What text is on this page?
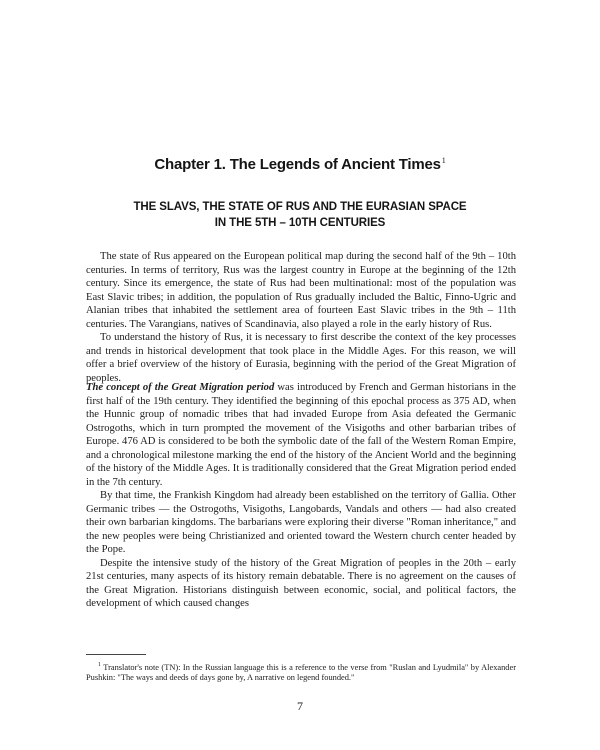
Chapter 1. The Legends of Ancient Times$^1$
THE SLAVS, THE STATE OF RUS AND THE EURASIAN SPACE
IN THE 5TH – 10TH CENTURIES

The state of Rus appeared on the European political map during the second half of the 9th – 10th centuries. In terms of territory, Rus was the largest country in Europe at the beginning of the 12th century. Since its emergence, the state of Rus had been multinational: most of the population was East Slavic tribes; in addition, the population of Rus gradually included the Baltic, Finno-Ugric and Alanian tribes that inhabited the settlement area of fourteen East Slavic tribes in the 9th – 11th centuries. The Varangians, natives of Scandinavia, also played a role in the early history of Rus.

To understand the history of Rus, it is necessary to first describe the context of the key processes and trends in historical development that took place in the Middle Ages. For this reason, we will offer a brief overview of the history of Eurasia, beginning with the period of the Great Migration of peoples.

The concept of the Great Migration period was introduced by French and German historians in the first half of the 19th century. They identified the beginning of this epochal process as 375 AD, when the Hunnic group of nomadic tribes that had invaded Europe from Asia defeated the Germanic Ostrogoths, which in turn prompted the movement of the Visigoths and other barbarian tribes of Europe. 476 AD is considered to be both the symbolic date of the fall of the Western Roman Empire, and a chronological milestone marking the end of the history of the Ancient World and the beginning of the history of the Middle Ages. It is traditionally considered that the Great Migration period ended in the 7th century.

By that time, the Frankish Kingdom had already been established on the territory of Gallia. Other Germanic tribes — the Ostrogoths, Visigoths, Langobards, Vandals and others — had also created their own barbarian kingdoms. The barbarians were exploring their diverse "Roman inheritance," and the new peoples were being Christianized and oriented toward the Western church center headed by the Pope.

Despite the intensive study of the history of the Great Migration of peoples in the 20th – early 21st centuries, many aspects of its history remain debatable. There is no agreement on the causes of the Great Migration. Historians distinguish between economic, social, and political factors, the development of which caused changes

$^1$ Translator's note (TN): In the Russian language this is a reference to the verse from "Ruslan and Lyudmila" by Alexander Pushkin: "The ways and deeds of days gone by, A narrative on legend founded."
7
